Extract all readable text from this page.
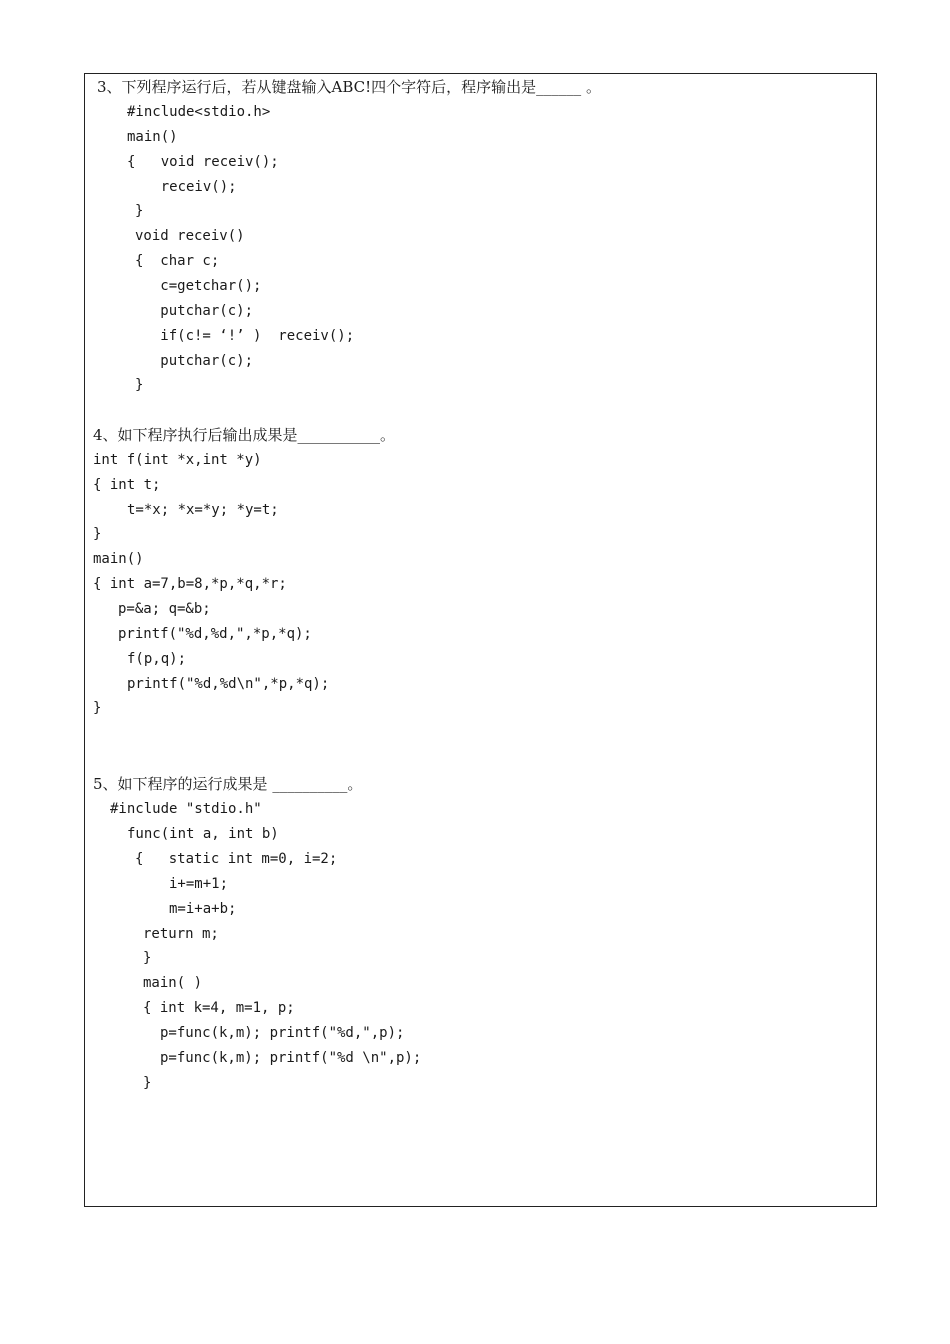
3、下列程序运行后，若从键盘输入ABC!四个字符后，程序输出是______ 。
#include<stdio.h>
main()
{   void receiv();
receiv();
}
void receiv()
{  char c;
c=getchar();
putchar(c);
if(c!= ‘!’ )  receiv();
putchar(c);
}
4、如下程序执行后输出成果是___________。
int f(int *x,int *y)
{ int t;
t=*x; *x=*y; *y=t;
}
main()
{ int a=7,b=8,*p,*q,*r;
p=&a; q=&b;
printf("%d,%d,",*p,*q);
f(p,q);
printf("%d,%d\n",*p,*q);
}
5、如下程序的运行成果是 __________。
#include "stdio.h"
func(int a, int b)
{   static int m=0, i=2;
i+=m+1;
m=i+a+b;
return m;
}
main( )
{ int k=4, m=1, p;
p=func(k,m); printf("%d,",p);
p=func(k,m); printf("%d \n",p);
}
